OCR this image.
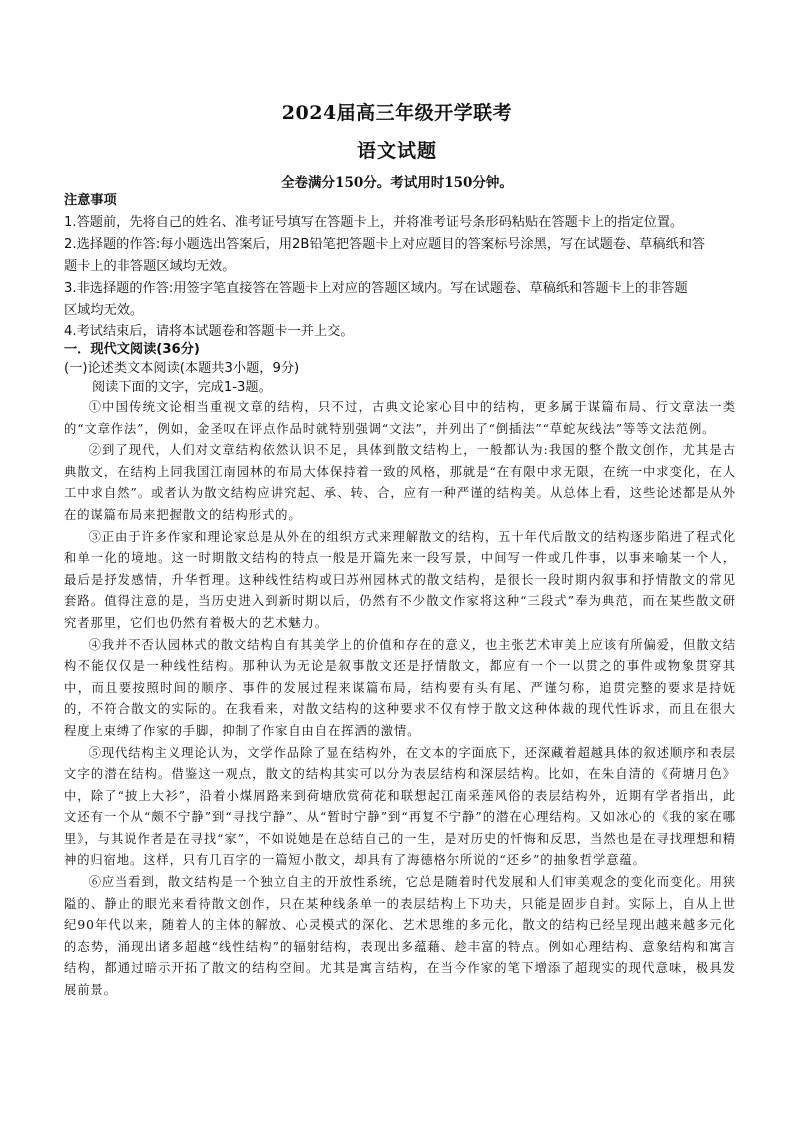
2024届高三年级开学联考
语文试题
全卷满分150分。考试用时150分钟。
注意事项
1.答题前，先将自己的姓名、准考证号填写在答题卡上，并将准考证号条形码粘贴在答题卡上的指定位置。
2.选择题的作答:每小题选出答案后，用2B铅笔把答题卡上对应题目的答案标号涂黑，写在试题卷、草稿纸和答
题卡上的非答题区域均无效。
3.非选择题的作答:用签字笔直接答在答题卡上对应的答题区域内。写在试题卷、草稿纸和答题卡上的非答题
区域均无效。
4.考试结束后，请将本试题卷和答题卡一并上交。
一．现代文阅读(36分)
(一)论述类文本阅读(本题共3小题，9分)
阅读下面的文字，完成1-3题。

①中国传统文论相当重视文章的结构，只不过，古典文论家心目中的结构，更多属于谋篇布局、行文章法一类的“文章作法”，例如，金圣叹在评点作品时就特别强调“文法”，并列出了“倒插法”“草蛇灰线法”等等文法范例。

②到了现代，人们对文章结构依然认识不足，具体到散文结构上，一般都认为:我国的整个散文创作，尤其是古典散文，在结构上同我国江南园林的布局大体保持着一致的风格，那就是“在有限中求无限，在统一中求变化，在人工中求自然”。或者认为散文结构应讲究起、承、转、合，应有一种严谨的结构美。从总体上看，这些论述都是从外在的谋篇布局来把握散文的结构形式的。

③正由于许多作家和理论家总是从外在的组织方式来理解散文的结构，五十年代后散文的结构逐步陷进了程式化和单一化的境地。这一时期散文结构的特点一般是开篇先来一段写景，中间写一件或几件事，以事来喻某一个人，最后是抒发感情，升华哲理。这种线性结构或曰苏州园林式的散文结构，是很长一段时期内叙事和抒情散文的常见套路。值得注意的是，当历史进入到新时期以后，仍然有不少散文作家将这种“三段式”奉为典范，而在某些散文研究者那里，它们也仍然有着极大的艺术魅力。

④我并不否认园林式的散文结构自有其美学上的价值和存在的意义，也主张艺术审美上应该有所偏爱，但散文结构不能仅仅是一种线性结构。那种认为无论是叙事散文还是抒情散文，都应有一个一以贯之的事件或物象贯穿其中，而且要按照时间的顺序、事件的发展过程来谋篇布局，结构要有头有尾、严谨匀称，追贯完整的要求是持妩的，不符合散文的实际的。在我看来，对散文结构的这种要求不仅有悖于散文这种体裁的现代性诉求，而且在很大程度上束缚了作家的手脚，抑制了作家自由自在挥洒的激情。

⑤现代结构主义理论认为，文学作品除了显在结构外，在文本的字面底下，还深藏着超越具体的叙述顺序和表层文字的潜在结构。借鉴这一观点，散文的结构其实可以分为表层结构和深层结构。比如，在朱自清的《荷塘月色》中，除了“披上大衫”，沿着小煤屑路来到荷塘欣赏荷花和联想起江南采莲风俗的表层结构外，近期有学者指出，此文还有一个从“颇不宁静”到“寻找宁静”、从“暂时宁静”到“再复不宁静”的潜在心理结构。又如冰心的《我的家在哪里》，与其说作者是在寻找“家”，不如说她是在总结自己的一生，是对历史的忏悔和反思，当然也是在寻找理想和精神的归宿地。这样，只有几百字的一篇短小散文，却具有了海德格尔所说的“还乡”的抽象哲学意蕴。

⑥应当看到，散文结构是一个独立自主的开放性系统，它总是随着时代发展和人们审美观念的变化而变化。用狭隘的、静止的眼光来看待散文创作，只在某种线条单一的表层结构上下功夫，只能是固步自封。实际上，自从上世纪90年代以来，随着人的主体的解放、心灵模式的深化、艺术思维的多元化，散文的结构已经呈现出越来越多元化的态势，涌现出诸多超越“线性结构”的辐射结构，表现出多蕴藉、趁丰富的特点。例如心理结构、意象结构和寓言结构，都通过暗示开拓了散文的结构空间。尤其是寓言结构，在当今作家的笔下增添了超现实的现代意味，极具发展前景。
